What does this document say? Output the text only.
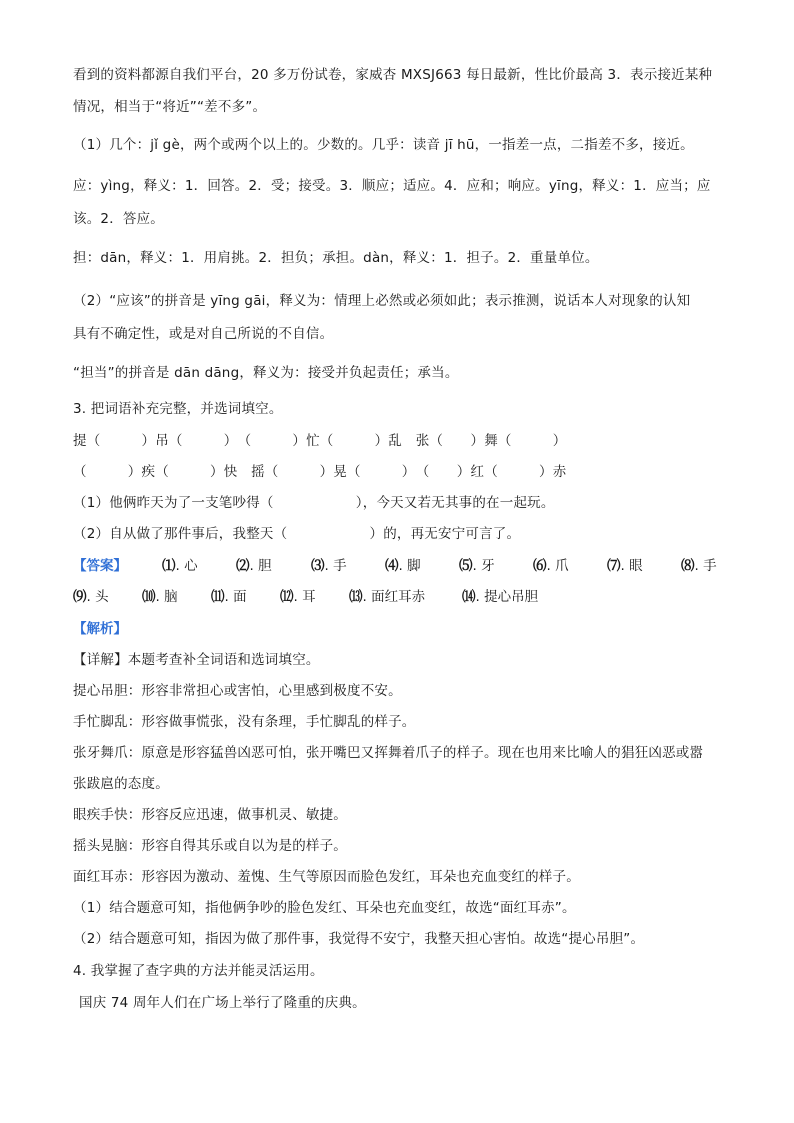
看到的资料都源自我们平台，20 多万份试卷，家威杏 MXSJ663 每日最新，性比价最高 3．表示接近某种
情况，相当于“将近”“差不多”。
（1）几个：jǐ gè，两个或两个以上的。少数的。几乎：读音 jī hū，一指差一点，二指差不多，接近。
应：yìng，释义：1．回答。2．受；接受。3．顺应；适应。4．应和；响应。yīng，释义：1．应当；应
该。2．答应。
担：dān，释义：1．用肩挑。2．担负；承担。dàn，释义：1．担子。2．重量单位。
（2）“应该”的拼音是 yīng gāi，释义为：情理上必然或必须如此；表示推测，说话本人对现象的认知
具有不确定性，或是对自己所说的不自信。
“担当”的拼音是 dān dāng，释义为：接受并负起责任；承当。
3. 把词语补充完整，并选词填空。
提（　　　）吊（　　　）　（　　　）忙（　　　）乱　张（　　）舞（　　　）
（　　　）疾（　　　）快　摇（　　　）晃（　　　）　（　　）红（　　　）赤
（1）他俩昨天为了一支笔吵得（　　　　　　），今天又若无其事的在一起玩。
（2）自从做了那件事后，我整天（　　　　　　）的，再无安宁可言了。
【答案】	⑴. 心	⑵. 胆	⑶. 手	⑷. 脚	⑸. 牙	⑹. 爪	⑺. 眼	⑻. 手
⑼. 头 ⑽. 脑 ⑾. 面 ⑿. 耳 ⒀. 面红耳赤	⒁. 提心吊胆
【解析】
【详解】本题考查补全词语和选词填空。
提心吊胆：形容非常担心或害怕，心里感到极度不安。
手忙脚乱：形容做事慌张，没有条理，手忙脚乱的样子。
张牙舞爪：原意是形容猛兽凶恶可怕，张开嘴巴又挥舞着爪子的样子。现在也用来比喻人的猖狂凶恶或嚣
张跋扈的态度。
眼疾手快：形容反应迅速，做事机灵、敏捷。
摇头晃脑：形容自得其乐或自以为是的样子。
面红耳赤：形容因为激动、羞愧、生气等原因而脸色发红，耳朵也充血变红的样子。
（1）结合题意可知，指他俩争吵的脸色发红、耳朵也充血变红，故选“面红耳赤”。
（2）结合题意可知，指因为做了那件事，我觉得不安宁，我整天担心害怕。故选“提心吊胆”。
4. 我掌握了查字典的方法并能灵活运用。
国庆 74 周年人们在广场上举行了隆重的庆典。
